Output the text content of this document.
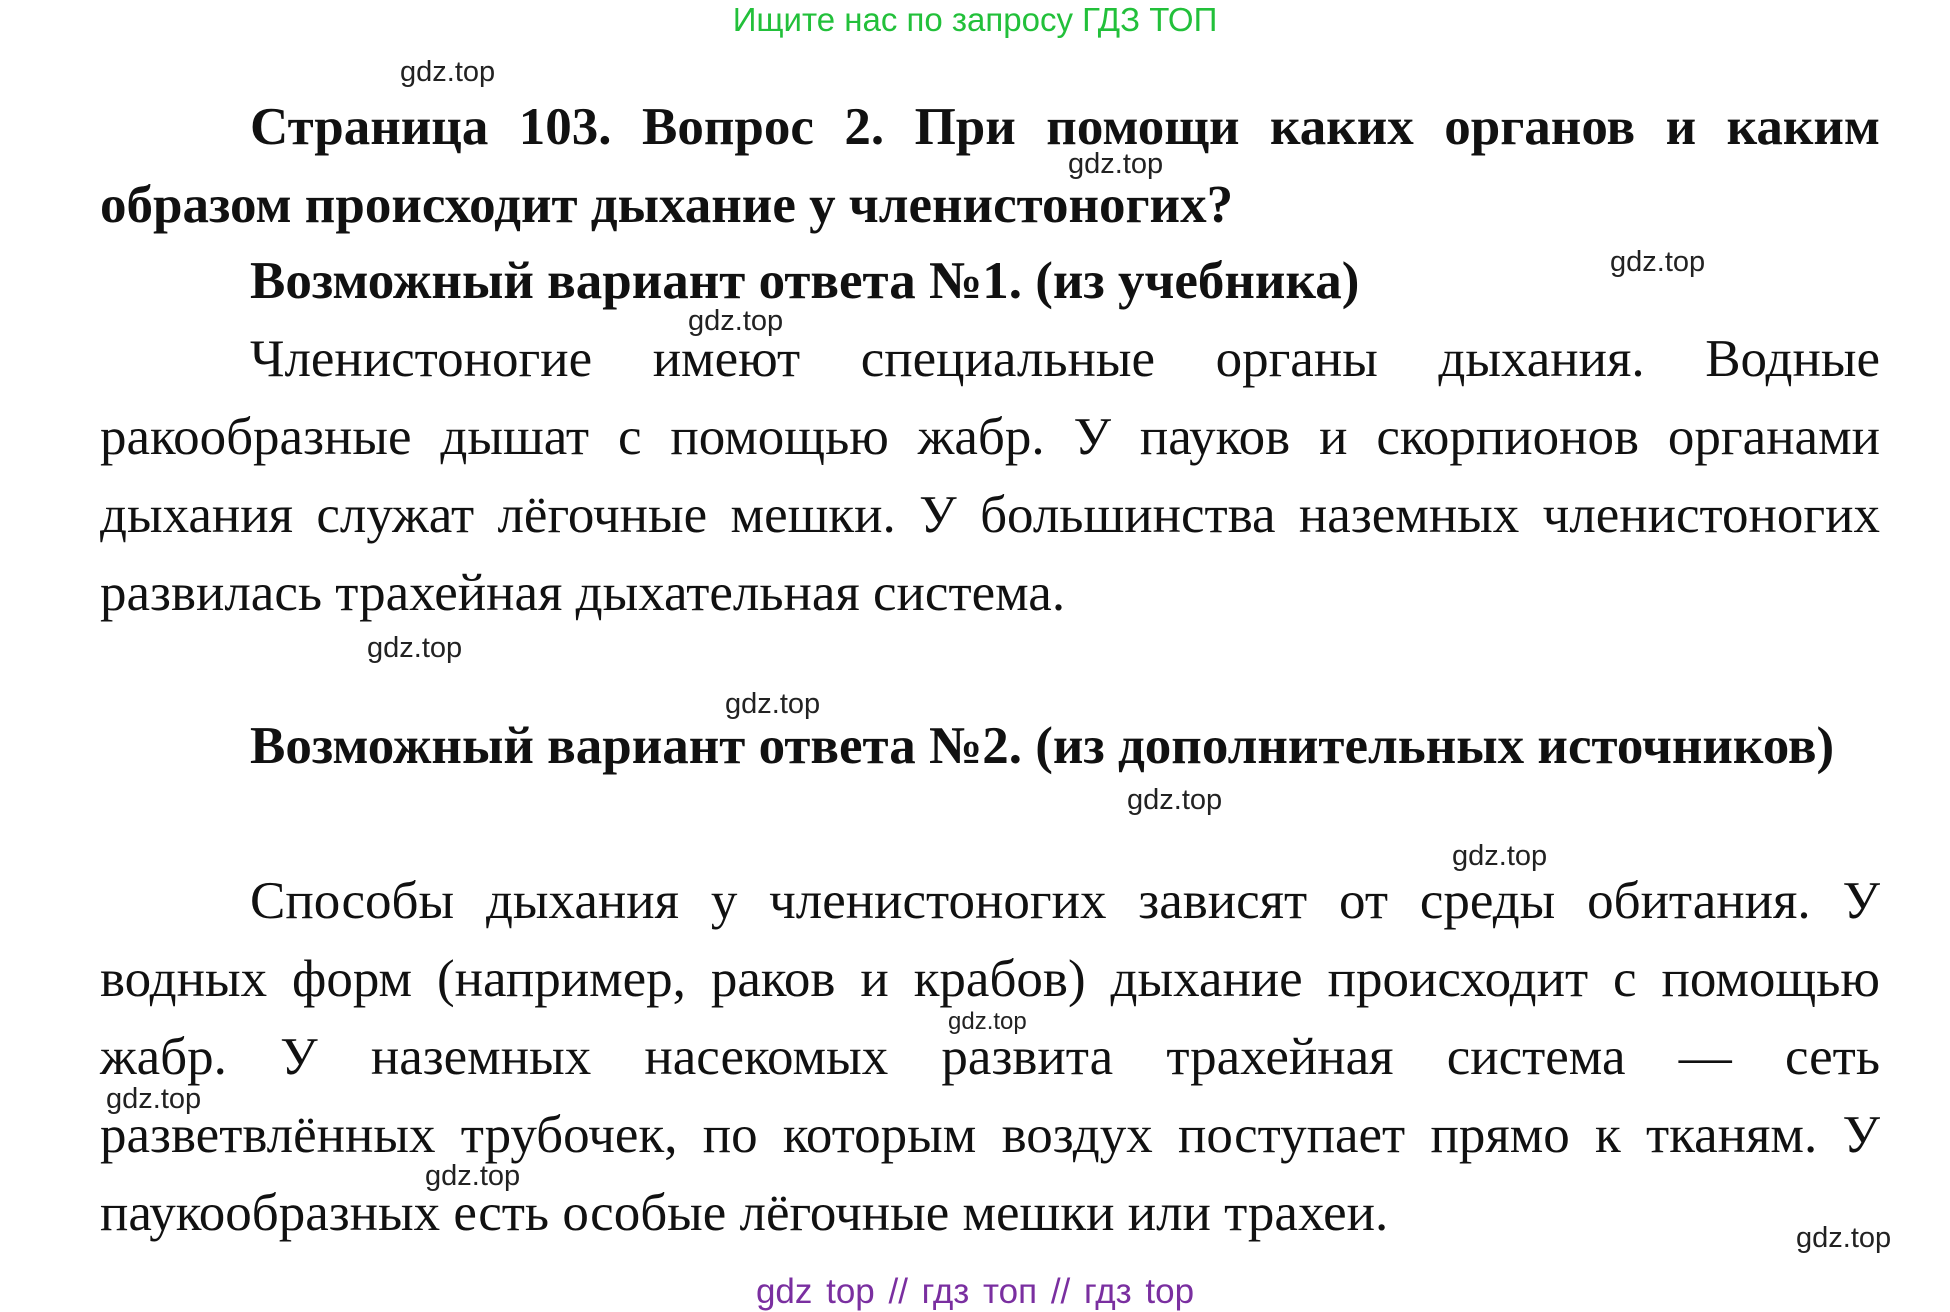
Ищите нас по запросу ГДЗ ТОП
gdz.top
gdz.top
gdz.top
gdz.top
gdz.top
gdz.top
gdz.top
gdz.top
gdz.top
gdz.top
gdz.top
gdz.top

Страница 103. Вопрос 2. При помощи каких органов и каким образом происходит дыхание у членистоногих?

Возможный вариант ответа №1. (из учебника)

Членистоногие имеют специальные органы дыхания. Водные ракообразные дышат с помощью жабр. У пауков и скорпионов органами дыхания служат лёгочные мешки. У большинства наземных членистоногих развилась трахейная дыхательная система.

Возможный вариант ответа №2. (из дополнительных источников)

Способы дыхания у членистоногих зависят от среды обитания. У водных форм (например, раков и крабов) дыхание происходит с помощью жабр. У наземных насекомых развита трахейная система — сеть разветвлённых трубочек, по которым воздух поступает прямо к тканям. У паукообразных есть особые лёгочные мешки или трахеи.

gdz top // гдз топ // гдз top
